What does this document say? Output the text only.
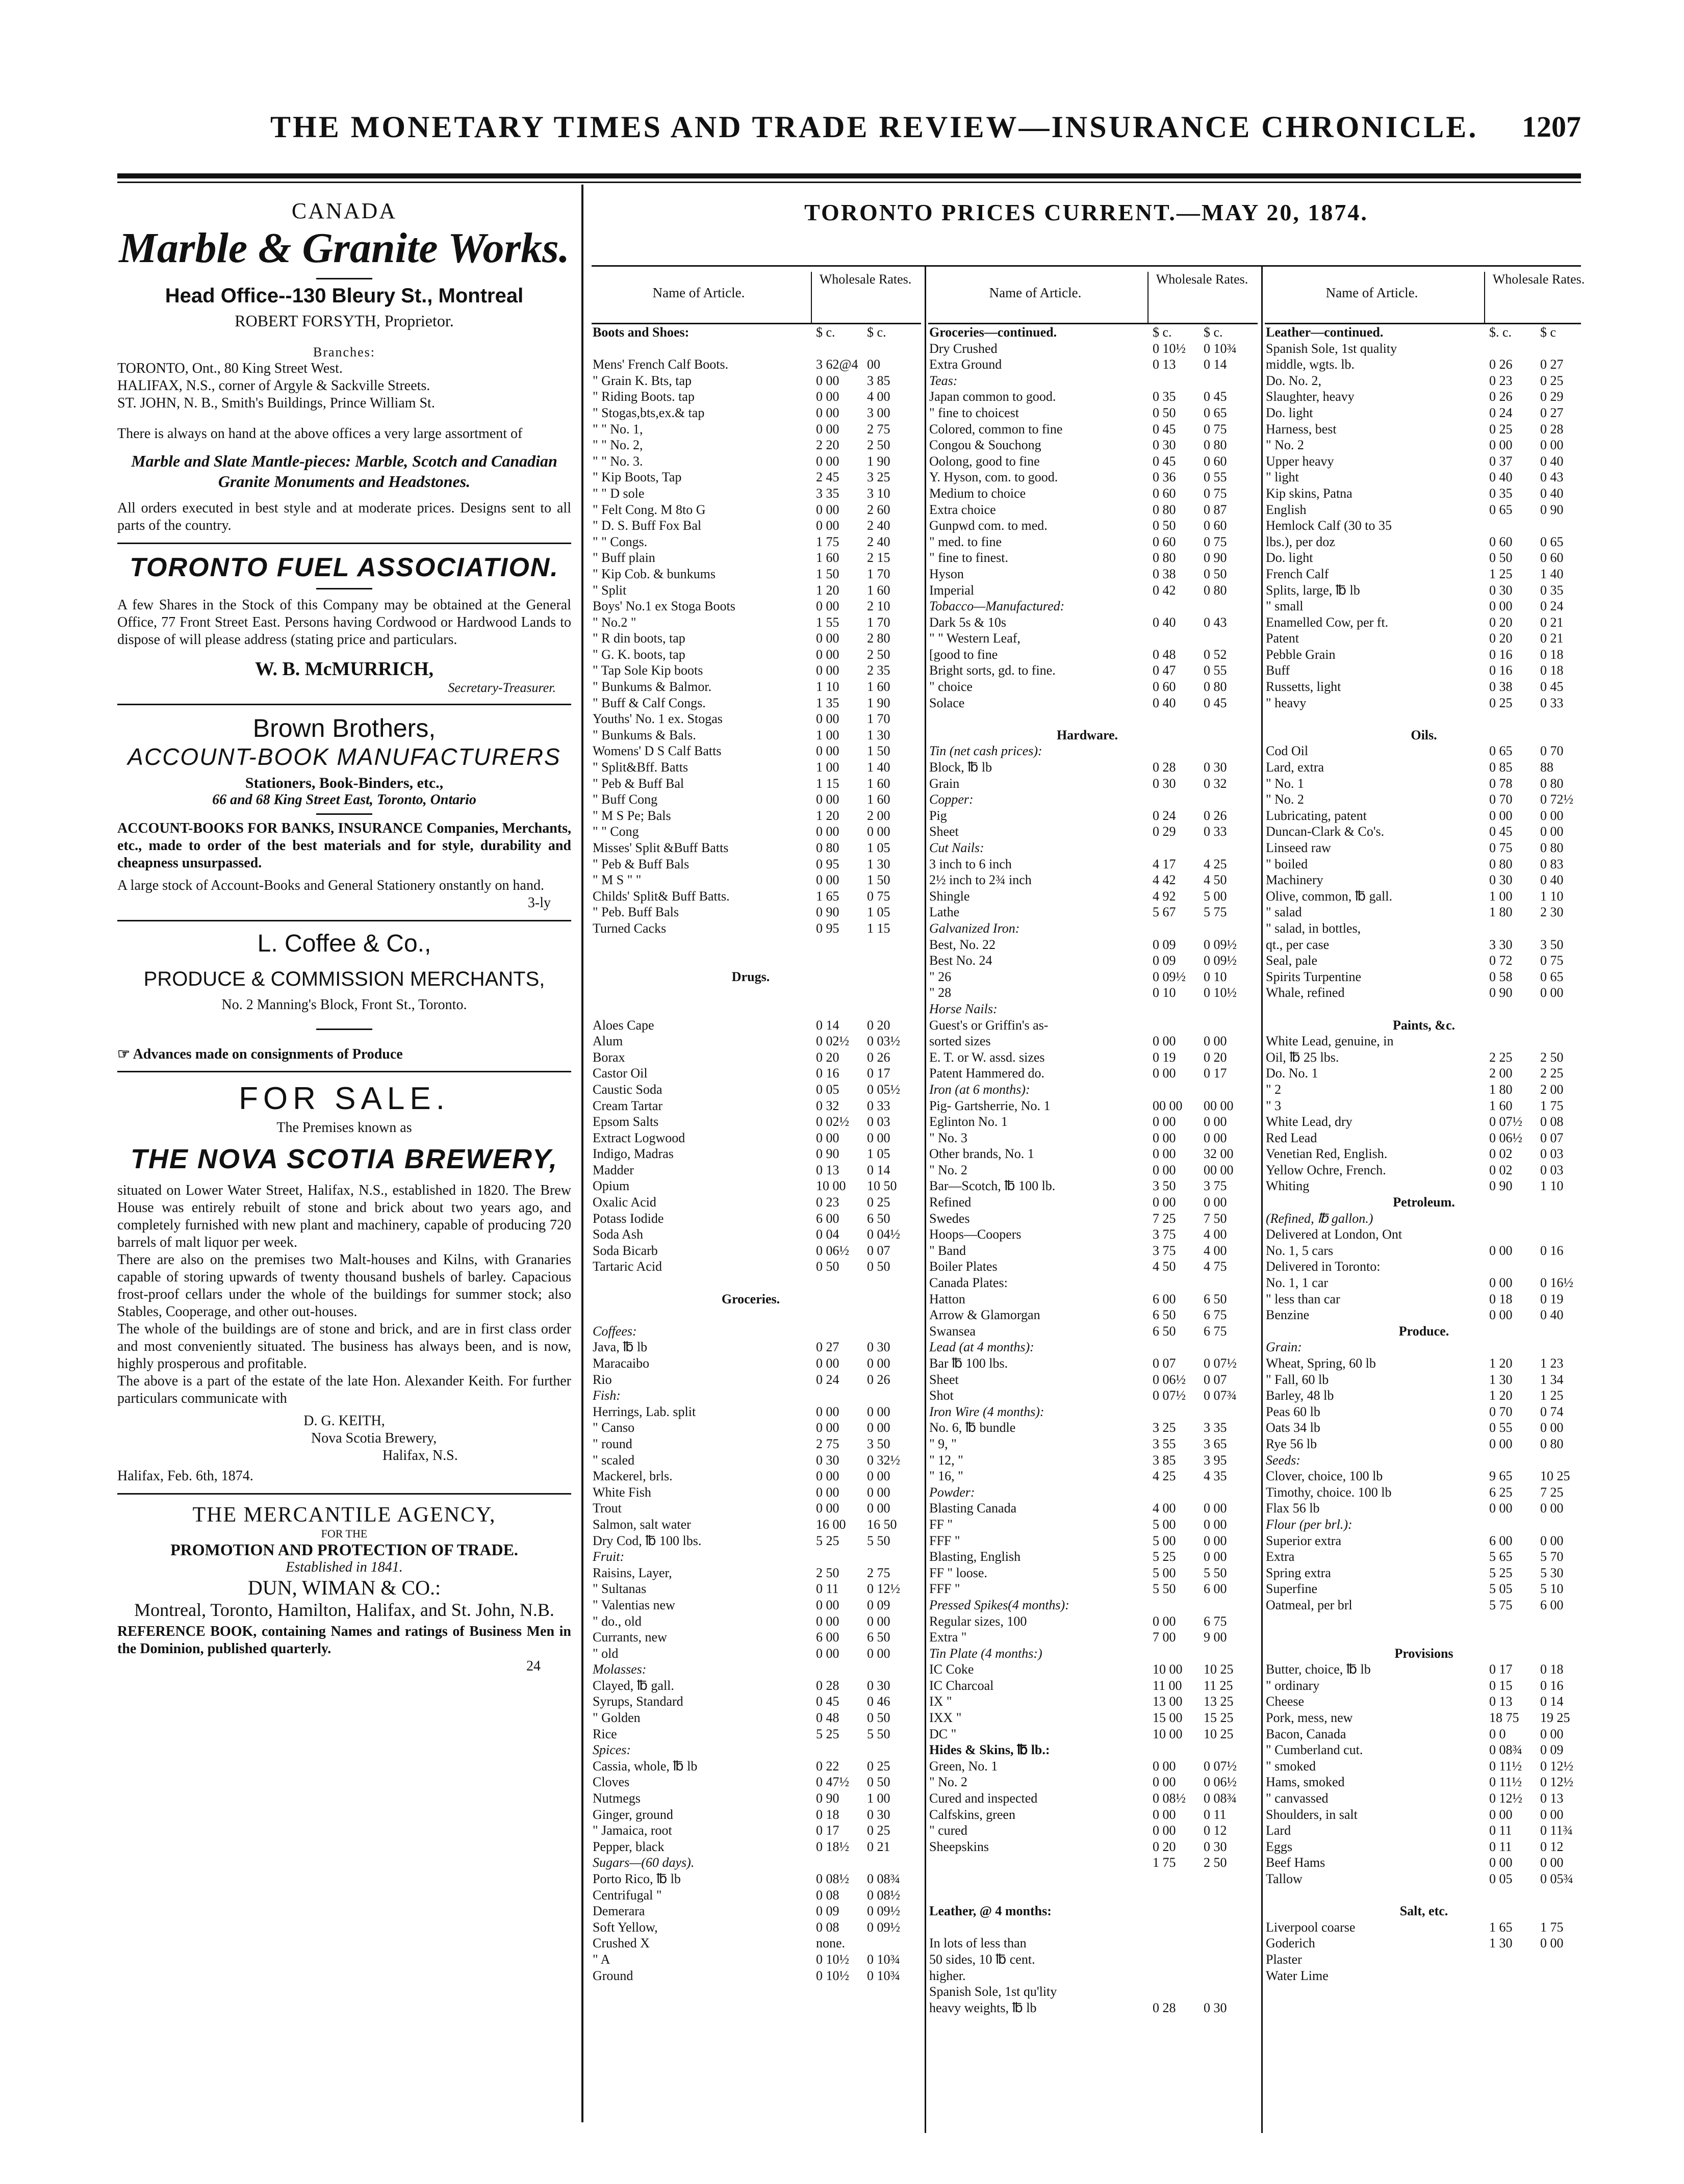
THE MONETARY TIMES AND TRADE REVIEW—INSURANCE CHRONICLE. 1207

CANADA

Marble & Granite Works.

Head Office--130 Bleury St., Montreal

ROBERT FORSYTH, Proprietor.

Branches:

TORONTO, Ont., 80 King Street West.

HALIFAX, N.S., corner of Argyle & Sackville Streets.

ST. JOHN, N. B., Smith's Buildings, Prince William St.

There is always on hand at the above offices a very large assortment of

Marble and Slate Mantle-pieces: Marble, Scotch and Canadian Granite Monuments and Headstones.

All orders executed in best style and at moderate prices. Designs sent to all parts of the country.

TORONTO FUEL ASSOCIATION.

A few Shares in the Stock of this Company may be obtained at the General Office, 77 Front Street East. Persons having Cordwood or Hardwood Lands to dispose of will please address (stating price and particulars.

W. B. McMURRICH,

Secretary-Treasurer.

Brown Brothers,

ACCOUNT-BOOK MANUFACTURERS

Stationers, Book-Binders, etc.,

66 and 68 King Street East, Toronto, Ontario

ACCOUNT-BOOKS FOR BANKS, INSURANCE Companies, Merchants, etc., made to order of the best materials and for style, durability and cheapness unsurpassed.

A large stock of Account-Books and General Stationery onstantly on hand.

3-ly

L. Coffee & Co.,

PRODUCE & COMMISSION MERCHANTS,

No. 2 Manning's Block, Front St., Toronto.

☞ Advances made on consignments of Produce

FOR SALE.

The Premises known as

THE NOVA SCOTIA BREWERY,

situated on Lower Water Street, Halifax, N.S., established in 1820. The Brew House was entirely rebuilt of stone and brick about two years ago, and completely furnished with new plant and machinery, capable of producing 720 barrels of malt liquor per week.

There are also on the premises two Malt-houses and Kilns, with Granaries capable of storing upwards of twenty thousand bushels of barley. Capacious frost-proof cellars under the whole of the buildings for summer stock; also Stables, Cooperage, and other out-houses.

The whole of the buildings are of stone and brick, and are in first class order and most conveniently situated. The business has always been, and is now, highly prosperous and profitable.

The above is a part of the estate of the late Hon. Alexander Keith. For further particulars communicate with

D. G. KEITH,

Nova Scotia Brewery,

Halifax, N.S.

Halifax, Feb. 6th, 1874.

THE MERCANTILE AGENCY,

FOR THE

PROMOTION AND PROTECTION OF TRADE.

Established in 1841.

DUN, WIMAN & CO.:

Montreal, Toronto, Hamilton, Halifax, and St. John, N.B.

REFERENCE BOOK, containing Names and ratings of Business Men in the Dominion, published quarterly.

24

TORONTO PRICES CURRENT.—MAY 20, 1874.
Name of Article.
Wholesale Rates.
Boots and Shoes:	$ c.	$ c.
Mens' French Calf Boots.	3 62@4 00
" Grain K. Bts, tap	0 00	3 85
" Riding Boots. tap	0 00	4 00
" Stogas,bts,ex.& tap	0 00	3 00
" " No. 1,	0 00	2 75
" " No. 2,	2 20	2 50
" " No. 3.	0 00	1 90
" Kip Boots, Tap	2 45	3 25
" " D sole	3 35	3 10
" Felt Cong. M 8to G	0 00	2 60
" D. S. Buff Fox Bal	0 00	2 40
" " Congs.	1 75	2 40
" Buff plain	1 60	2 15
" Kip Cob. & bunkums	1 50	1 70
" Split	1 20	1 60
Boys' No.1 ex Stoga Boots	0 00	2 10
" No.2 "	1 55	1 70
" R din boots, tap	0 00	2 80
" G. K. boots, tap	0 00	2 50
" Tap Sole Kip boots	0 00	2 35
" Bunkums & Balmor.	1 10	1 60
" Buff & Calf Congs.	1 35	1 90
Youths' No. 1 ex. Stogas	0 00	1 70
" Bunkums & Bals.	1 00	1 30
Womens' D S Calf Batts	0 00	1 50
" Split&Bff. Batts	1 00	1 40
" Peb & Buff Bal	1 15	1 60
" Buff Cong	0 00	1 60
" M S Pe; Bals	1 20	2 00
" " Cong	0 00	0 00
Misses' Split &Buff Batts	0 80	1 05
" Peb & Buff Bals	0 95	1 30
" M S " "	0 00	1 50
Childs' Split& Buff Batts.	1 65	0 75
" Peb. Buff Bals	0 90	1 05
Turned Cacks	0 95	1 15
Drugs.
Aloes Cape	0 14	0 20
Alum	0 02½	0 03½
Borax	0 20	0 26
Castor Oil	0 16	0 17
Caustic Soda	0 05	0 05½
Cream Tartar	0 32	0 33
Epsom Salts	0 02½	0 03
Extract Logwood	0 00	0 00
Indigo, Madras	0 90	1 05
Madder	0 13	0 14
Opium	10 00	10 50
Oxalic Acid	0 23	0 25
Potass Iodide	6 00	6 50
Soda Ash	0 04	0 04½
Soda Bicarb	0 06½	0 07
Tartaric Acid	0 50	0 50
Groceries.
Coffees:
Java, ℔ lb	0 27	0 30
Maracaibo	0 00	0 00
Rio	0 24	0 26
Fish:
Herrings, Lab. split	0 00	0 00
" Canso	0 00	0 00
" round	2 75	3 50
" scaled	0 30	0 32½
Mackerel, brls.	0 00	0 00
White Fish	0 00	0 00
Trout	0 00	0 00
Salmon, salt water	16 00	16 50
Dry Cod, ℔ 100 lbs.	5 25	5 50
Fruit:
Raisins, Layer,	2 50	2 75
" Sultanas	0 11	0 12½
" Valentias new	0 00	0 09
" do., old	0 00	0 00
Currants, new	6 00	6 50
" old	0 00	0 00
Molasses:
Clayed, ℔ gall.	0 28	0 30
Syrups, Standard	0 45	0 46
" Golden	0 48	0 50
Rice	5 25	5 50
Spices:
Cassia, whole, ℔ lb	0 22	0 25
Cloves	0 47½	0 50
Nutmegs	0 90	1 00
Ginger, ground	0 18	0 30
" Jamaica, root	0 17	0 25
Pepper, black	0 18½	0 21
Sugars—(60 days).
Porto Rico, ℔ lb	0 08½	0 08¾
Centrifugal "	0 08	0 08½
Demerara	0 09	0 09½
Soft Yellow,	0 08	0 09½
Crushed X	none.
" A	0 10½	0 10¾
Ground	0 10½	0 10¾
Name of Article.
Wholesale Rates.
Groceries—continued.	$ c.	$ c.
Dry Crushed	0 10½	0 10¾
Extra Ground	0 13	0 14
Teas:
Japan common to good.	0 35	0 45
" fine to choicest	0 50	0 65
Colored, common to fine	0 45	0 75
Congou & Souchong	0 30	0 80
Oolong, good to fine	0 45	0 60
Y. Hyson, com. to good.	0 36	0 55
Medium to choice	0 60	0 75
Extra choice	0 80	0 87
Gunpwd com. to med.	0 50	0 60
" med. to fine	0 60	0 75
" fine to finest.	0 80	0 90
Hyson	0 38	0 50
Imperial	0 42	0 80
Tobacco—Manufactured:
Dark 5s & 10s	0 40	0 43
" " Western Leaf,
[good to fine	0 48	0 52
Bright sorts, gd. to fine.	0 47	0 55
" choice	0 60	0 80
Solace	0 40	0 45
Hardware.
Tin (net cash prices):
Block, ℔ lb	0 28	0 30
Grain	0 30	0 32
Copper:
Pig	0 24	0 26
Sheet	0 29	0 33
Cut Nails:
3 inch to 6 inch	4 17	4 25
2½ inch to 2¾ inch	4 42	4 50
Shingle	4 92	5 00
Lathe	5 67	5 75
Galvanized Iron:
Best, No. 22	0 09	0 09½
Best No. 24	0 09	0 09½
" 26	0 09½	0 10
" 28	0 10	0 10½
Horse Nails:
Guest's or Griffin's as-
sorted sizes	0 00	0 00
E. T. or W. assd. sizes	0 19	0 20
Patent Hammered do.	0 00	0 17
Iron (at 6 months):
Pig- Gartsherrie, No. 1	00 00	00 00
Eglinton No. 1	0 00	0 00
" No. 3	0 00	0 00
Other brands, No. 1	0 00	32 00
" No. 2	0 00	00 00
Bar—Scotch, ℔ 100 lb.	3 50	3 75
Refined	0 00	0 00
Swedes	7 25	7 50
Hoops—Coopers	3 75	4 00
" Band	3 75	4 00
Boiler Plates	4 50	4 75
Canada Plates:
Hatton	6 00	6 50
Arrow & Glamorgan	6 50	6 75
Swansea	6 50	6 75
Lead (at 4 months):
Bar ℔ 100 lbs.	0 07	0 07½
Sheet	0 06½	0 07
Shot	0 07½	0 07¾
Iron Wire (4 months):
No. 6, ℔ bundle	3 25	3 35
" 9, "	3 55	3 65
" 12, "	3 85	3 95
" 16, "	4 25	4 35
Powder:
Blasting Canada	4 00	0 00
FF "	5 00	0 00
FFF "	5 00	0 00
Blasting, English	5 25	0 00
FF " loose.	5 00	5 50
FFF "	5 50	6 00
Pressed Spikes(4 months):
Regular sizes, 100	0 00	6 75
Extra "	7 00	9 00
Tin Plate (4 months:)
IC Coke	10 00	10 25
IC Charcoal	11 00	11 25
IX "	13 00	13 25
IXX "	15 00	15 25
DC "	10 00	10 25
Hides & Skins, ℔ lb.:
Green, No. 1	0 00	0 07½
" No. 2	0 00	0 06½
Cured and inspected	0 08½	0 08¾
Calfskins, green	0 00	0 11
" cured	0 00	0 12
Sheepskins	0 20	0 30
1 75	2 50
Leather, @ 4 months:
In lots of less than
50 sides, 10 ℔ cent.
higher.
Spanish Sole, 1st qu'lity
heavy weights, ℔ lb	0 28	0 30
Name of Article.
Wholesale Rates.
Leather—continued.	$. c.	$ c
Spanish Sole, 1st quality
middle, wgts. lb.	0 26	0 27
Do. No. 2,	0 23	0 25
Slaughter, heavy	0 26	0 29
Do. light	0 24	0 27
Harness, best	0 25	0 28
" No. 2	0 00	0 00
Upper heavy	0 37	0 40
" light	0 40	0 43
Kip skins, Patna	0 35	0 40
English	0 65	0 90
Hemlock Calf (30 to 35
lbs.), per doz	0 60	0 65
Do. light	0 50	0 60
French Calf	1 25	1 40
Splits, large, ℔ lb	0 30	0 35
" small	0 00	0 24
Enamelled Cow, per ft.	0 20	0 21
Patent	0 20	0 21
Pebble Grain	0 16	0 18
Buff	0 16	0 18
Russetts, light	0 38	0 45
" heavy	0 25	0 33
Oils.
Cod Oil	0 65	0 70
Lard, extra	0 85	88
" No. 1	0 78	0 80
" No. 2	0 70	0 72½
Lubricating, patent	0 00	0 00
Duncan-Clark & Co's.	0 45	0 00
Linseed raw	0 75	0 80
" boiled	0 80	0 83
Machinery	0 30	0 40
Olive, common, ℔ gall.	1 00	1 10
" salad	1 80	2 30
" salad, in bottles,
qt., per case	3 30	3 50
Seal, pale	0 72	0 75
Spirits Turpentine	0 58	0 65
Whale, refined	0 90	0 00
Paints, &c.
White Lead, genuine, in
Oil, ℔ 25 lbs.	2 25	2 50
Do. No. 1	2 00	2 25
" 2	1 80	2 00
" 3	1 60	1 75
White Lead, dry	0 07½	0 08
Red Lead	0 06½	0 07
Venetian Red, English.	0 02	0 03
Yellow Ochre, French.	0 02	0 03
Whiting	0 90	1 10
Petroleum.
(Refined, ℔ gallon.)
Delivered at London, Ont
No. 1, 5 cars	0 00	0 16
Delivered in Toronto:
No. 1, 1 car	0 00	0 16½
" less than car	0 18	0 19
Benzine	0 00	0 40
Produce.
Grain:
Wheat, Spring, 60 lb	1 20	1 23
" Fall, 60 lb	1 30	1 34
Barley, 48 lb	1 20	1 25
Peas 60 lb	0 70	0 74
Oats 34 lb	0 55	0 00
Rye 56 lb	0 00	0 80
Seeds:
Clover, choice, 100 lb	9 65	10 25
Timothy, choice. 100 lb	6 25	7 25
Flax 56 lb	0 00	0 00
Flour (per brl.):
Superior extra	6 00	0 00
Extra	5 65	5 70
Spring extra	5 25	5 30
Superfine	5 05	5 10
Oatmeal, per brl	5 75	6 00
Provisions
Butter, choice, ℔ lb	0 17	0 18
" ordinary	0 15	0 16
Cheese	0 13	0 14
Pork, mess, new	18 75	19 25
Bacon, Canada	0 0	0 00
" Cumberland cut.	0 08¾	0 09
" smoked	0 11½	0 12½
Hams, smoked	0 11½	0 12½
" canvassed	0 12½	0 13
Shoulders, in salt	0 00	0 00
Lard	0 11	0 11¾
Eggs	0 11	0 12
Beef Hams	0 00	0 00
Tallow	0 05	0 05¾
Salt, etc.
Liverpool coarse	1 65	1 75
Goderich	1 30	0 00
Plaster
Water Lime
